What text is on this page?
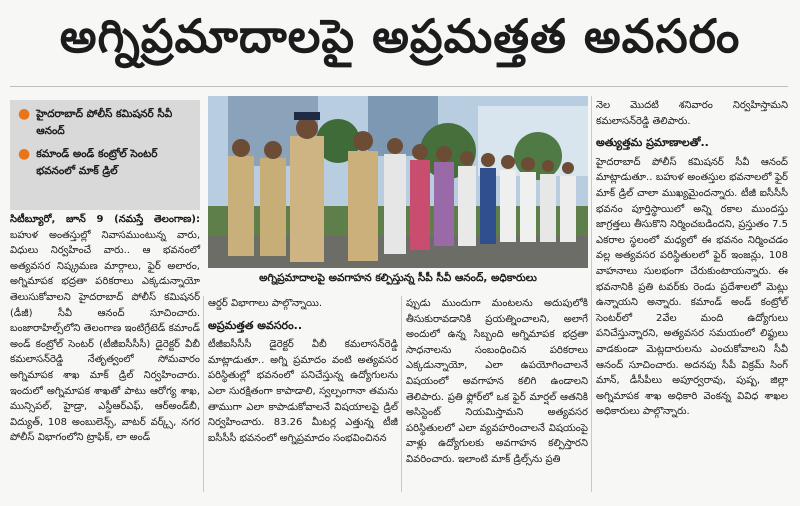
అగ్నిప్రమాదాలపై అప్రమత్తత అవసరం
● హైదరాబాద్ పోలీస్ కమిషనర్ సీవీ ఆనంద్
● కమాండ్ అండ్ కంట్రోల్ సెంటర్ భవనంలో మాక్ డ్రిల్

సిటీబ్యూరో, జూన్ 9 (నమస్తే తెలంగాణ): బహుళ అంతస్తుల్లో నివాసముంటున్న వారు, విధులు నిర్వహించే వారు.. ఆ భవనంలో అత్యవసర నిష్క్రమణ మార్గాలు, ఫైర్ అలారం, అగ్నిమాపక భద్రతా పరికరాలు ఎక్కడున్నాయో తెలుసుకోవాలని హైదరాబాద్ పోలీస్ కమిషనర్ (డీజీ) సీవీ ఆనంద్ సూచించారు. బంజారాహిల్స్‌లోని తెలంగాణ ఇంటిగ్రేటెడ్ కమాండ్ అండ్ కంట్రోల్ సెంటర్ (టీజీఐసీసీసీ) డైరెక్టర్ వీబీ కమలాసన్‌రెడ్డి నేతృత్వంలో సోమవారం అగ్నిమాపక శాఖ మాక్ డ్రిల్ నిర్వహించారు. ఇందులో అగ్నిమాపక శాఖతో పాటు ఆరోగ్య శాఖ, మున్సిపల్, హైడ్రా, ఎస్డీఆర్ఎఫ్, ఆర్అండ్‌బీ, విద్యుత్, 108 అంబులెన్స్, వాటర్ వర్క్స్, నగర పోలీస్ విభాగంలోని ట్రాఫిక్, లా అండ్

అగ్నిప్రమాదాలపై అవగాహన కల్పిస్తున్న సీపీ సీవీ ఆనంద్, అధికారులు

ఆర్డర్ విభాగాలు పాల్గొన్నాయి.

అప్రమత్తత అవసరం..

టీజీఐసీసీసీ డైరెక్టర్ వీబీ కమలాసన్‌రెడ్డి మాట్లాడుతూ.. అగ్ని ప్రమాదం వంటి అత్యవసర పరిస్థితుల్లో భవనంలో పనిచేస్తున్న ఉద్యోగులను ఎలా సురక్షితంగా కాపాడాలి, స్వల్పంగానా తమను తాముగా ఎలా కాపాడుకోవాలనే విషయాలపై డ్రిల్ నిర్వహించారు. 83.26 మీటర్ల ఎత్తున్న టీజీ ఐసీసీసీ భవనంలో అగ్నిప్రమాదం సంభవించినన

ప్పుడు ముందుగా మంటలను అదుపులోకి తీసుకురావడానికి ప్రయత్నించాలని, అలాగే అందులో ఉన్న సిబ్బంది అగ్నిమాపక భద్రతా సాధనాలను సంబంధించిన పరికరాలు ఎక్కడున్నాయో, ఎలా ఉపయోగించాలనే విషయంలో అవగాహన కలిగి ఉండాలని తెలిపారు. ప్రతి ఫ్లోర్‌లో ఒక ఫైర్ మార్షల్ ఆతనికి అసిస్టెంట్ నియమిస్తామని అత్యవసర పరిస్థితులలో ఎలా వ్యవహరించాలనే విషయంపై వాళ్లు ఉద్యోగులకు అవగాహన కల్పిస్తారని వివరించారు. ఇలాంటి మాక్ డ్రిల్స్‌ను ప్రతి

నెల మొదటి శనివారం నిర్వహిస్తామని కమలాసన్‌రెడ్డి తెలిపారు.

అత్యుత్తమ ప్రమాణాలతో..

హైదరాబాద్ పోలీస్ కమిషనర్ సీవీ ఆనంద్ మాట్లాడుతూ.. బహుళ అంతస్తుల భవనాలలో ఫైర్ మాక్ డ్రిల్ చాలా ముఖ్యమైందన్నారు. టీజీ ఐసీసీసీ భవనం పూర్తిస్థాయిలో అన్ని రకాల ముందస్తు జాగ్రత్తలు తీసుకొని నిర్మించబడిందని, ప్రస్తుతం 7.5 ఎకరాల స్థలంలో మధ్యలో ఈ భవనం నిర్మించడం వల్ల అత్యవసర పరిస్థితులలో ఫైర్ ఇంజన్లు, 108 వాహనాలు సులభంగా చేరుకుంటాయన్నారు. ఈ భవనానికి ప్రతి టవర్‌కు రెండు ప్రదేశాలలో మెట్లు ఉన్నాయని అన్నారు. కమాండ్ అండ్ కంట్రోల్ సెంటర్‌లో 2వేల మంది ఉద్యోగులు పనిచేస్తున్నారని, అత్యవసర సమయంలో లిఫ్టులు వాడకుండా మెట్లదారులను ఎంచుకోవాలని సీవీ ఆనంద్ సూచించారు. అదనపు సీపీ విక్రమ్ సింగ్ మాన్, డీసీపీలు అపూర్వరావు, పుష్ప, జిల్లా అగ్నిమాపక శాఖ అధికారి వెంకన్న వివిధ శాఖల అధికారులు పాల్గొన్నారు.
